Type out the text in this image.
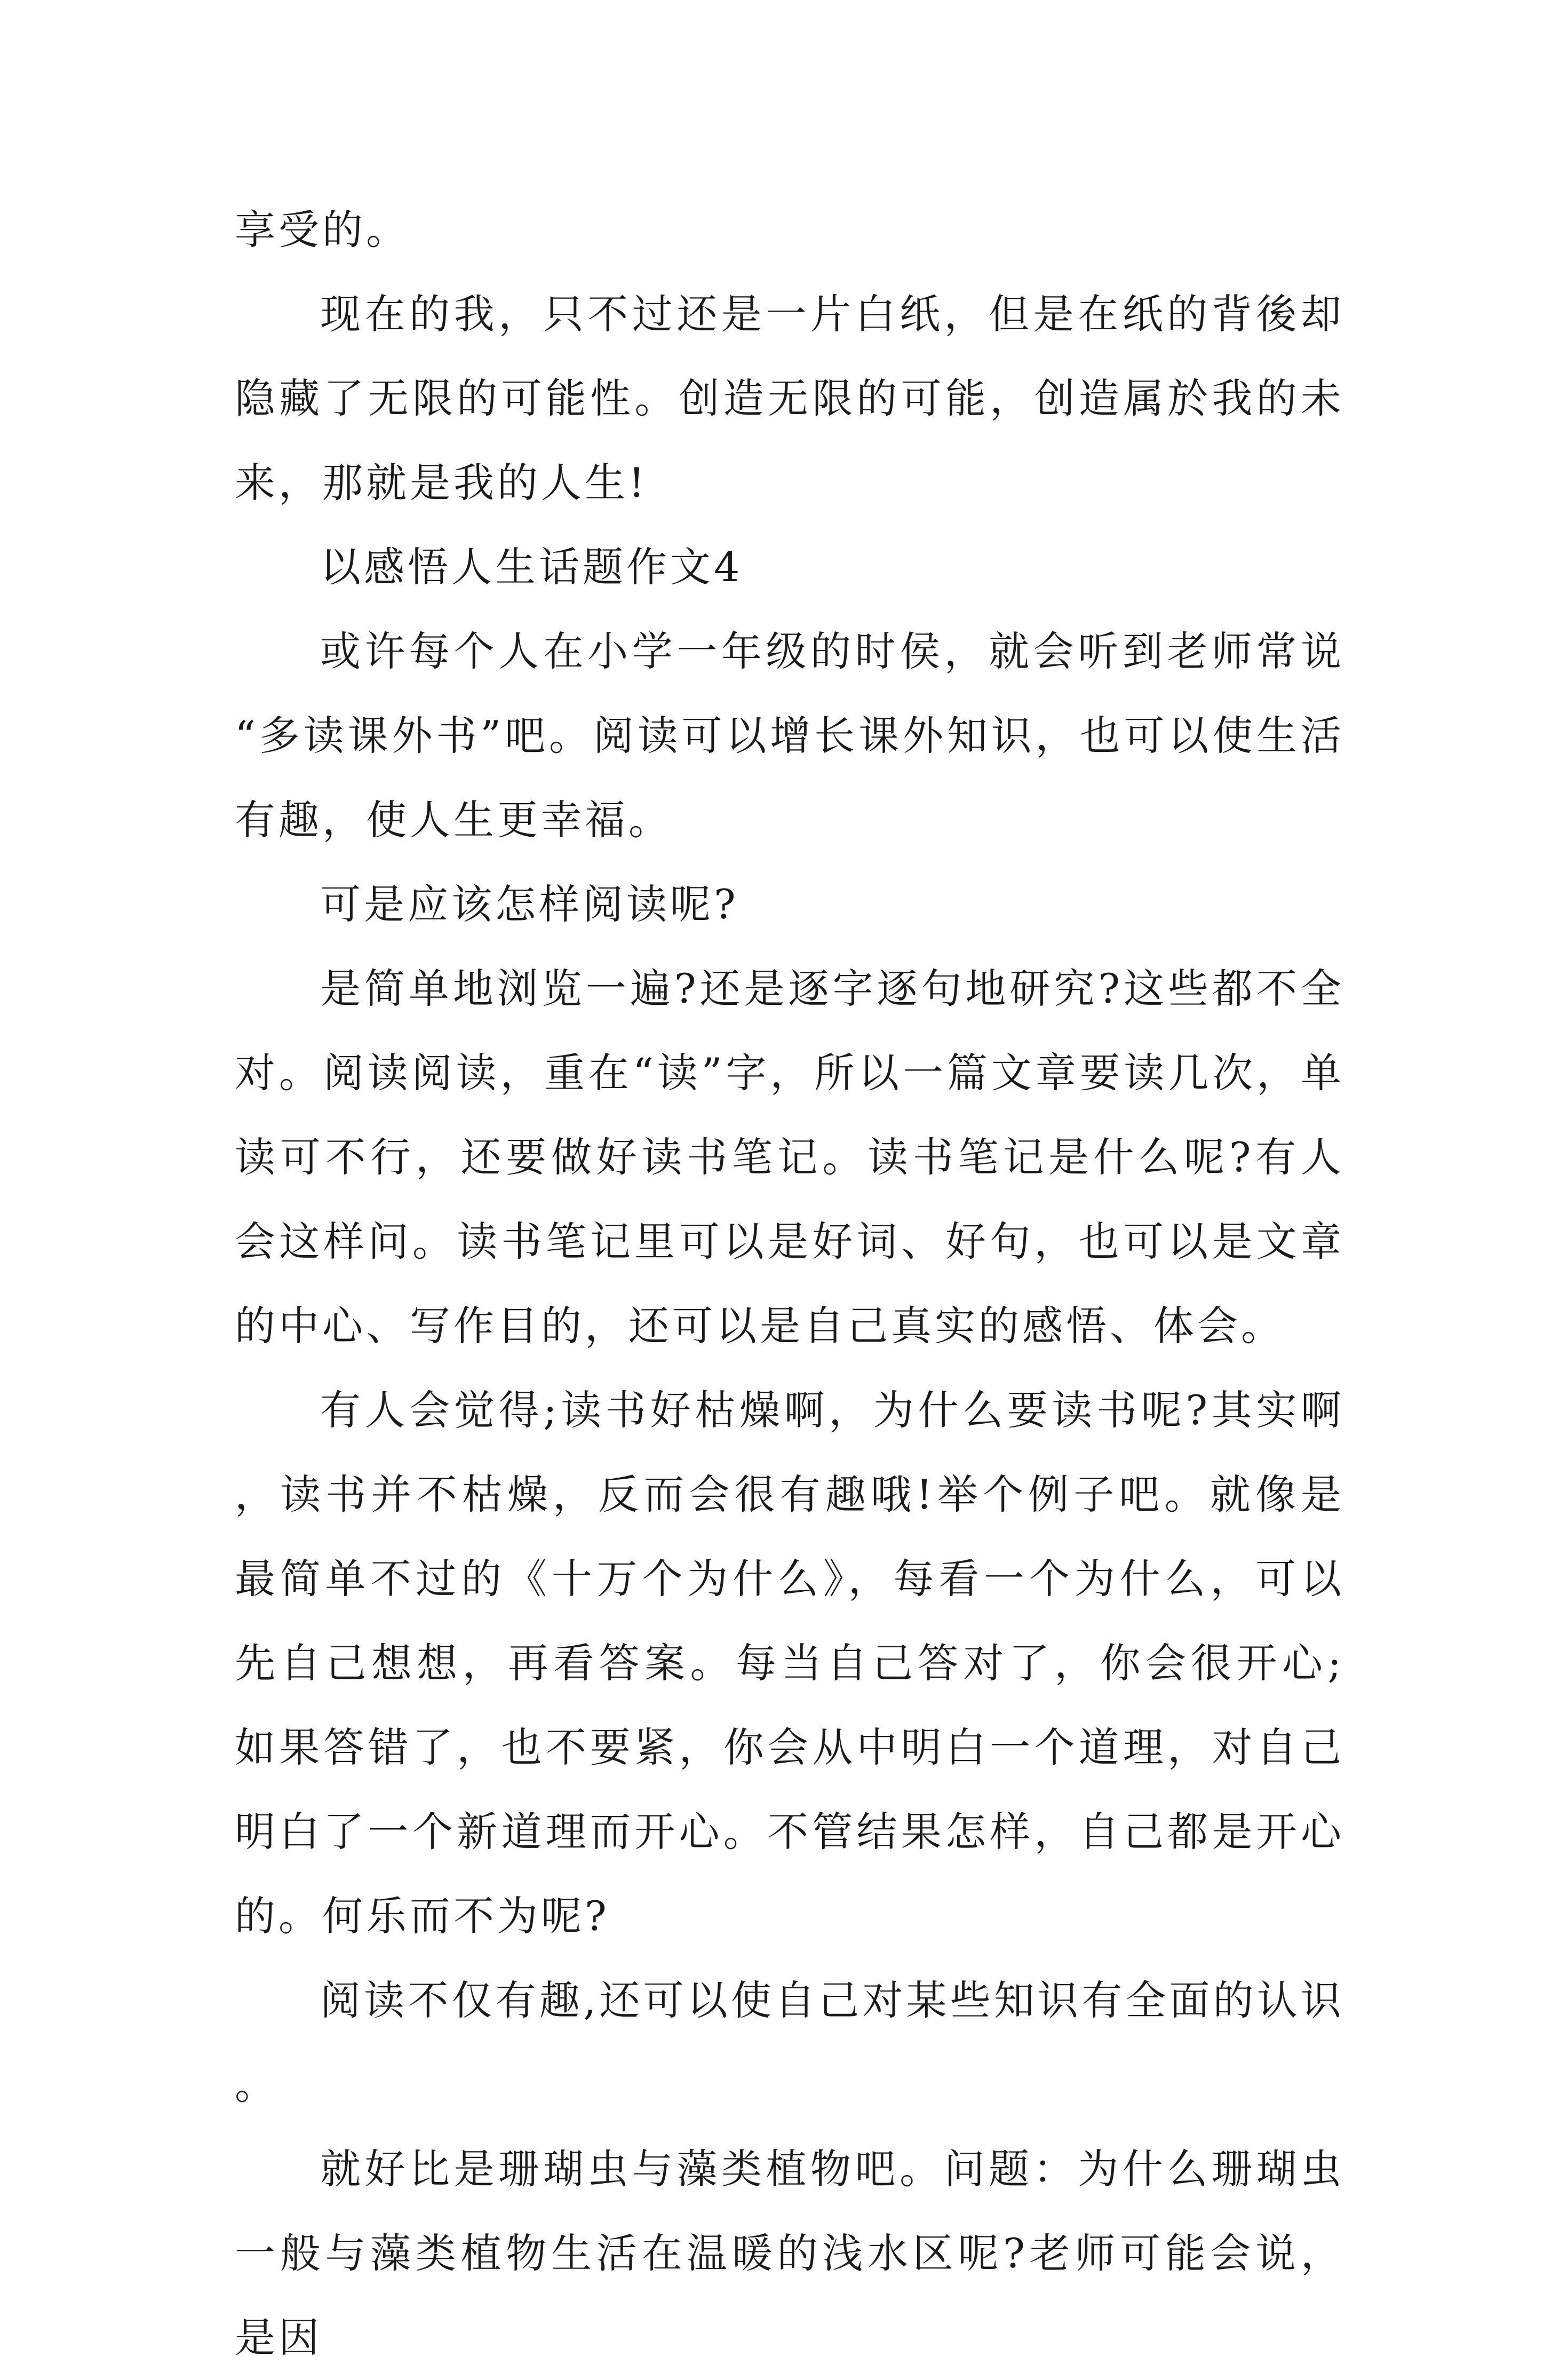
享受的。

现在的我，只不过还是一片白纸，但是在纸的背後却隐藏了无限的可能性。创造无限的可能，创造属於我的未来，那就是我的人生!

以感悟人生话题作文4

或许每个人在小学一年级的时侯，就会听到老师常说“多读课外书”吧。阅读可以增长课外知识，也可以使生活有趣，使人生更幸福。

可是应该怎样阅读呢?

是简单地浏览一遍?还是逐字逐句地研究?这些都不全对。阅读阅读，重在“读”字，所以一篇文章要读几次，单读可不行，还要做好读书笔记。读书笔记是什么呢?有人会这样问。读书笔记里可以是好词、好句，也可以是文章的中心、写作目的，还可以是自己真实的感悟、体会。

有人会觉得;读书好枯燥啊，为什么要读书呢?其实啊，读书并不枯燥，反而会很有趣哦!举个例子吧。就像是最简单不过的《十万个为什么》，每看一个为什么，可以先自己想想，再看答案。每当自己答对了，你会很开心;如果答错了，也不要紧，你会从中明白一个道理，对自己明白了一个新道理而开心。不管结果怎样，自己都是开心的。何乐而不为呢?

阅读不仅有趣,还可以使自己对某些知识有全面的认识。

就好比是珊瑚虫与藻类植物吧。问题：为什么珊瑚虫一般与藻类植物生活在温暖的浅水区呢?老师可能会说，是因
